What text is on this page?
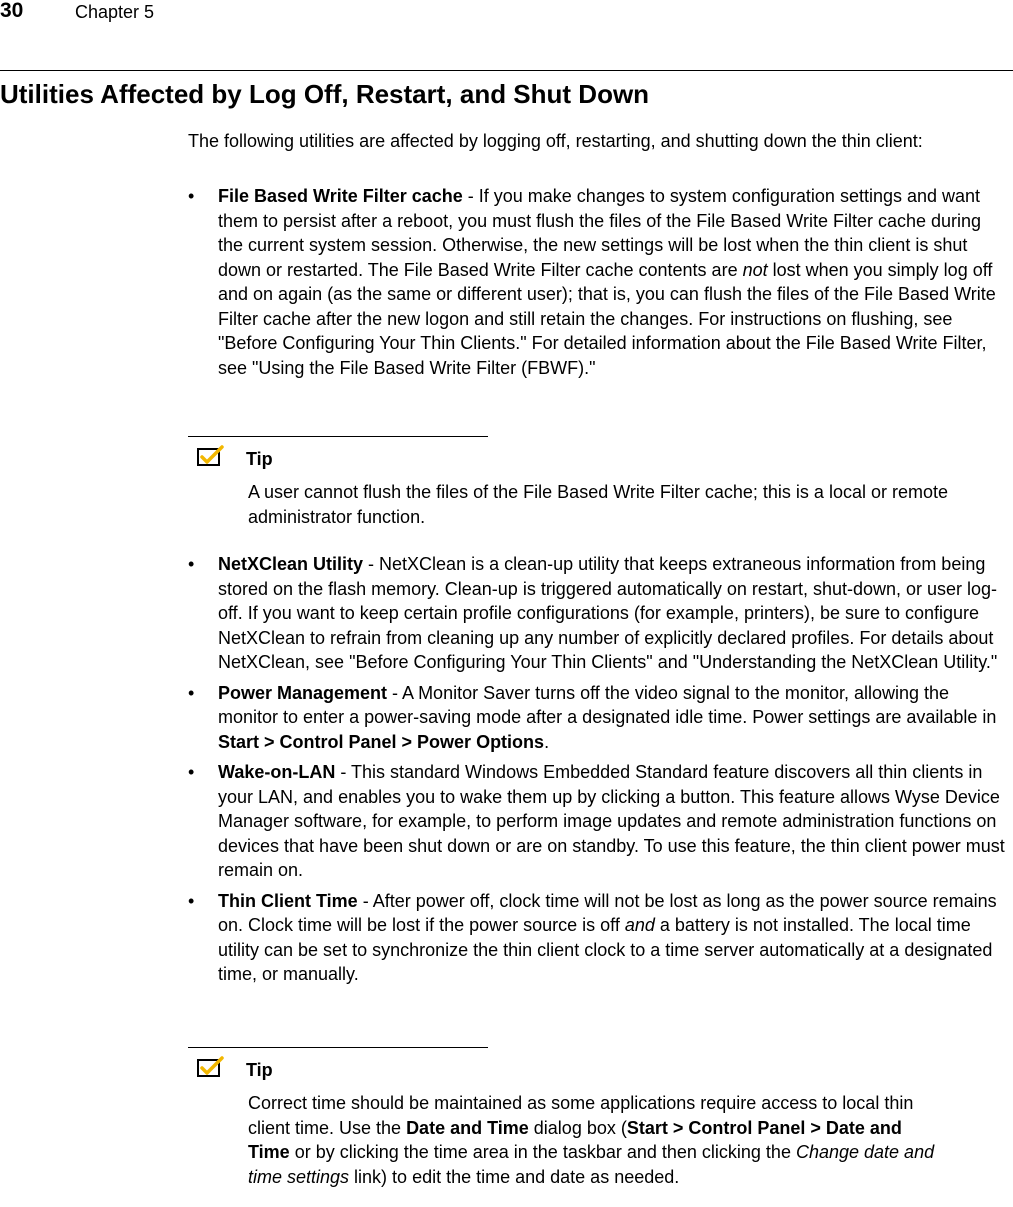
30	Chapter 5
Utilities Affected by Log Off, Restart, and Shut Down

The following utilities are affected by logging off, restarting, and shutting down the thin client:

• File Based Write Filter cache - If you make changes to system configuration settings and want them to persist after a reboot, you must flush the files of the File Based Write Filter cache during the current system session. Otherwise, the new settings will be lost when the thin client is shut down or restarted. The File Based Write Filter cache contents are not lost when you simply log off and on again (as the same or different user); that is, you can flush the files of the File Based Write Filter cache after the new logon and still retain the changes. For instructions on flushing, see "Before Configuring Your Thin Clients." For detailed information about the File Based Write Filter, see "Using the File Based Write Filter (FBWF)."
Tip

A user cannot flush the files of the File Based Write Filter cache; this is a local or remote administrator function.

• NetXClean Utility - NetXClean is a clean-up utility that keeps extraneous information from being stored on the flash memory. Clean-up is triggered automatically on restart, shut-down, or user log-off. If you want to keep certain profile configurations (for example, printers), be sure to configure NetXClean to refrain from cleaning up any number of explicitly declared profiles. For details about NetXClean, see "Before Configuring Your Thin Clients" and "Understanding the NetXClean Utility."
• Power Management - A Monitor Saver turns off the video signal to the monitor, allowing the monitor to enter a power-saving mode after a designated idle time. Power settings are available in Start > Control Panel > Power Options.
• Wake-on-LAN - This standard Windows Embedded Standard feature discovers all thin clients in your LAN, and enables you to wake them up by clicking a button. This feature allows Wyse Device Manager software, for example, to perform image updates and remote administration functions on devices that have been shut down or are on standby. To use this feature, the thin client power must remain on.
• Thin Client Time - After power off, clock time will not be lost as long as the power source remains on. Clock time will be lost if the power source is off and a battery is not installed. The local time utility can be set to synchronize the thin client clock to a time server automatically at a designated time, or manually.
Tip

Correct time should be maintained as some applications require access to local thin client time. Use the Date and Time dialog box (Start > Control Panel > Date and Time or by clicking the time area in the taskbar and then clicking the Change date and time settings link) to edit the time and date as needed.
